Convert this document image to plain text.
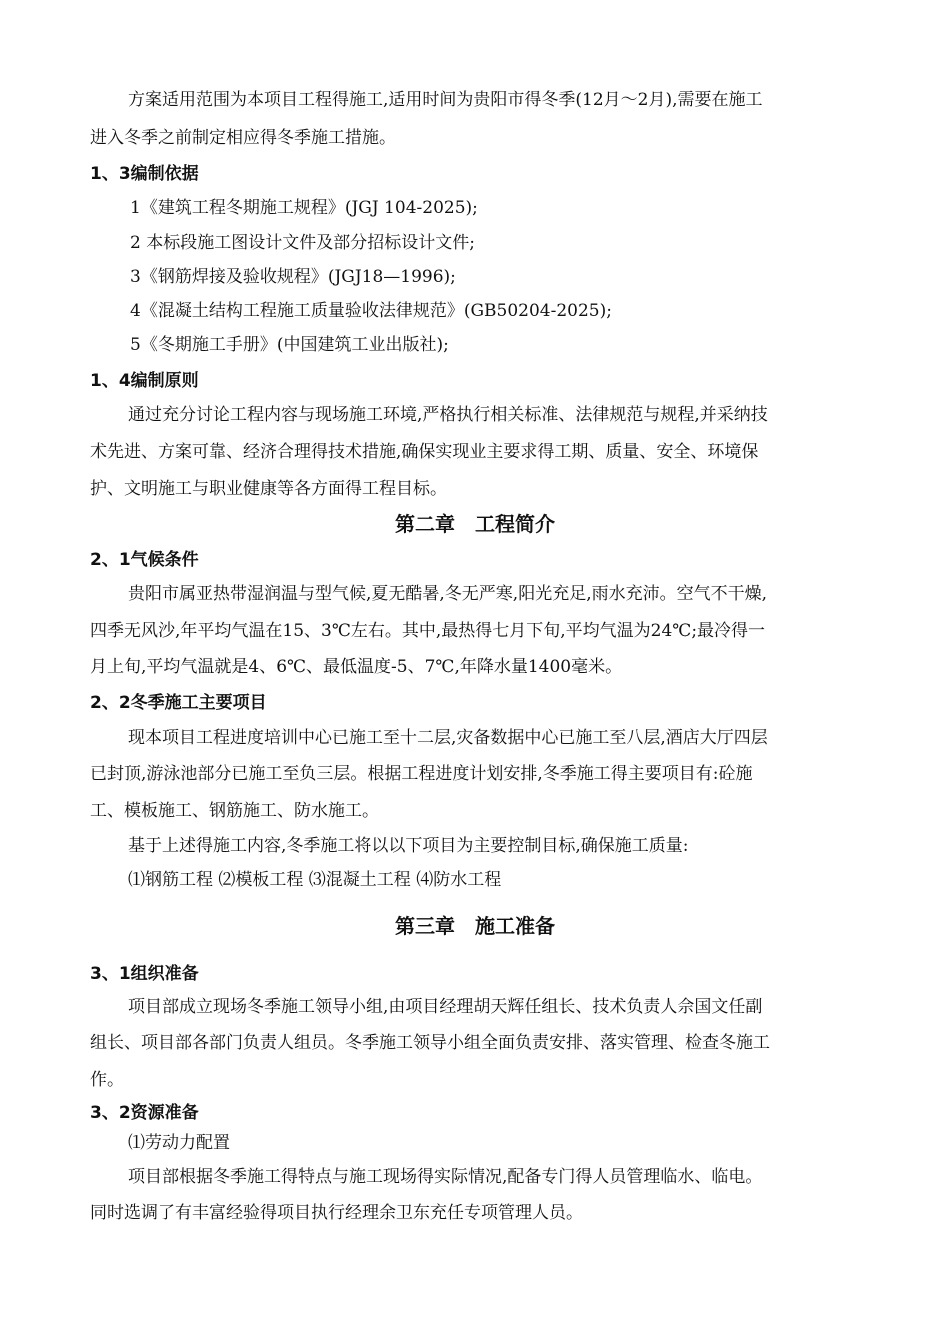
方案适用范围为本项目工程得施工,适用时间为贵阳市得冬季(12月～2月),需要在施工
进入冬季之前制定相应得冬季施工措施。
1、3编制依据
1《建筑工程冬期施工规程》(JGJ 104-2025);
2 本标段施工图设计文件及部分招标设计文件;
3《钢筋焊接及验收规程》(JGJ18—1996);
4《混凝土结构工程施工质量验收法律规范》(GB50204-2025);
5《冬期施工手册》(中国建筑工业出版社);
1、4编制原则
通过充分讨论工程内容与现场施工环境,严格执行相关标准、法律规范与规程,并采纳技
术先进、方案可靠、经济合理得技术措施,确保实现业主要求得工期、质量、安全、环境保
护、文明施工与职业健康等各方面得工程目标。
第二章　工程简介
2、1气候条件
贵阳市属亚热带湿润温与型气候,夏无酷暑,冬无严寒,阳光充足,雨水充沛。空气不干燥,
四季无风沙,年平均气温在15、3℃左右。其中,最热得七月下旬,平均气温为24℃;最冷得一
月上旬,平均气温就是4、6℃、最低温度-5、7℃,年降水量1400毫米。
2、2冬季施工主要项目
现本项目工程进度培训中心已施工至十二层,灾备数据中心已施工至八层,酒店大厅四层
已封顶,游泳池部分已施工至负三层。根据工程进度计划安排,冬季施工得主要项目有:砼施
工、模板施工、钢筋施工、防水施工。
基于上述得施工内容,冬季施工将以以下项目为主要控制目标,确保施工质量:
⑴钢筋工程 ⑵模板工程 ⑶混凝土工程 ⑷防水工程
第三章　施工准备
3、1组织准备
项目部成立现场冬季施工领导小组,由项目经理胡天辉任组长、技术负责人佘国文任副
组长、项目部各部门负责人组员。冬季施工领导小组全面负责安排、落实管理、检查冬施工
作。
3、2资源准备
⑴劳动力配置
项目部根据冬季施工得特点与施工现场得实际情况,配备专门得人员管理临水、临电。
同时选调了有丰富经验得项目执行经理余卫东充任专项管理人员。
